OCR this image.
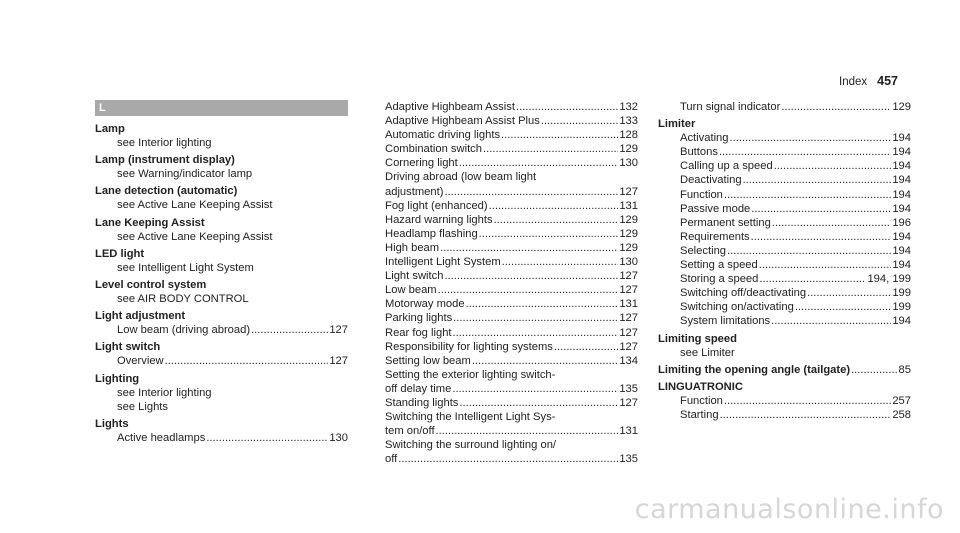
Index 457
L
Lamp
see Interior lighting
Lamp (instrument display)
see Warning/indicator lamp
Lane detection (automatic)
see Active Lane Keeping Assist
Lane Keeping Assist
see Active Lane Keeping Assist
LED light
see Intelligent Light System
Level control system
see AIR BODY CONTROL
Light adjustment
Low beam (driving abroad) .....	127
Light switch
Overview .....	127
Lighting
see Interior lighting
see Lights
Lights
Active headlamps .....	130
Adaptive Highbeam Assist .....	132
Adaptive Highbeam Assist Plus .....	133
Automatic driving lights .....	128
Combination switch .....	129
Cornering light .....	130
Driving abroad (low beam light
adjustment) .....	127
Fog light (enhanced) .....	131
Hazard warning lights .....	129
Headlamp flashing .....	129
High beam .....	129
Intelligent Light System .....	130
Light switch .....	127
Low beam .....	127
Motorway mode .....	131
Parking lights .....	127
Rear fog light .....	127
Responsibility for lighting systems .....	127
Setting low beam .....	134
Setting the exterior lighting switch-
off delay time .....	135
Standing lights .....	127
Switching the Intelligent Light Sys-
tem on/off .....	131
Switching the surround lighting on/
off .....	135
Turn signal indicator .....	129
Limiter
Activating .....	194
Buttons .....	194
Calling up a speed .....	194
Deactivating .....	194
Function .....	194
Passive mode .....	194
Permanent setting .....	196
Requirements .....	194
Selecting .....	194
Setting a speed .....	194
Storing a speed .....	194, 199
Switching off/deactivating .....	199
Switching on/activating .....	199
System limitations .....	194
Limiting speed
see Limiter
Limiting the opening angle (tailgate) .....	85
LINGUATRONIC
Function .....	257
Starting .....	258
carmanualsonline.info
